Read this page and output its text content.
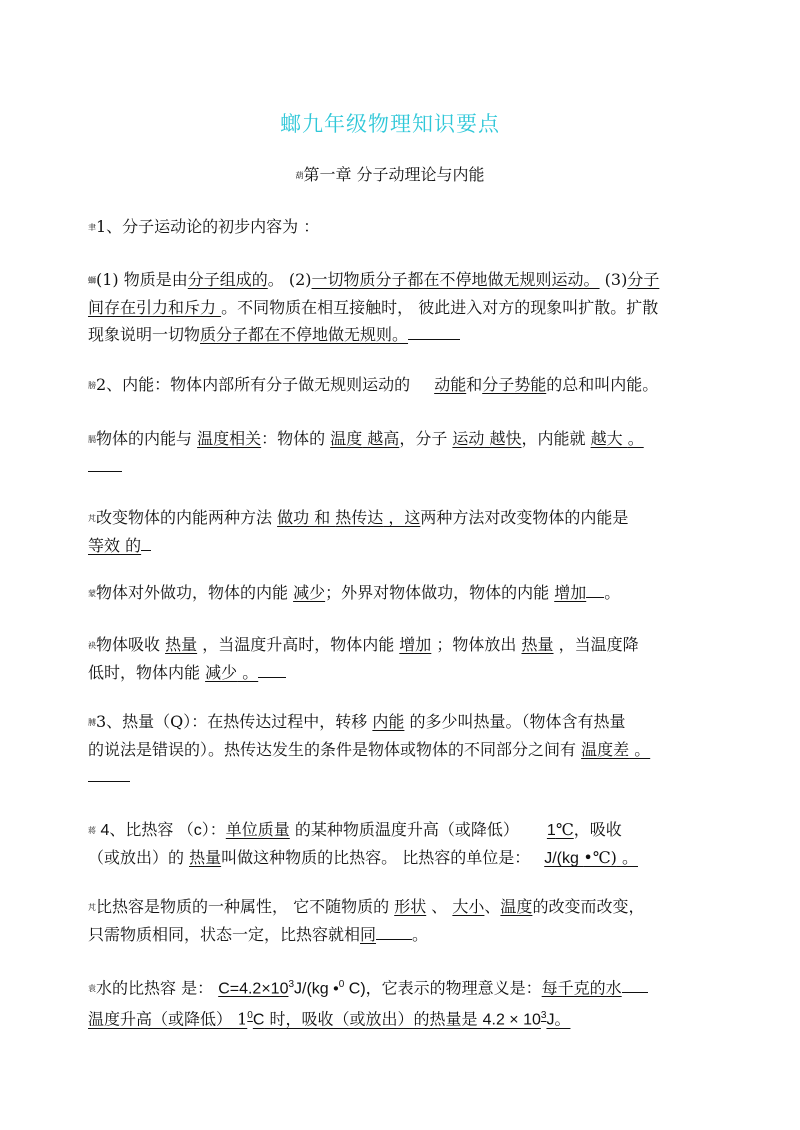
螂九年级物理知识要点
葫第一章 分子动理论与内能
聿1、分子运动论的初步内容为 ：
螄(1) 物质是由分子组成的。 (2)一切物质分子都在不停地做无规则运动。 (3)分子
间存在引力和斥力 。不同物质在相互接触时， 彼此进入对方的现象叫扩散。扩散
现象说明一切物质分子都在不停地做无规则。
膀2、内能：物体内部所有分子做无规则运动的 动能和分子势能的总和叫内能。
膈物体的内能与 温度相关：物体的 温度 越高，分子 运动 越快，内能就 越大 。
芃改变物体的内能两种方法 做功 和 热传达 ，这两种方法对改变物体的内能是
等效 的
蒙物体对外做功，物体的内能 减少；外界对物体做功，物体的内能 增加 。
袂物体吸收 热量 ，当温度升高时，物体内能 增加 ；物体放出 热量 ，当温度降
低时，物体内能 减少 。
膊3、热量（Q）：在热传达过程中，转移 内能 的多少叫热量。（物体含有热量
的说法是错误的）。热传达发生的条件是物体或物体的不同部分之间有 温度差 。
蒋 4、比热容 （c）：单位质量 的某种物质温度升高（或降低） 1℃，吸收
（或放出）的 热量叫做这种物质的比热容。 比热容的单位是： J/(kg •℃) 。
芃比热容是物质的一种属性， 它不随物质的 形状 、 大小、温度的改变而改变，
只需物质相同，状态一定，比热容就相同 。
袁水的比热容 是： $C=4.2\times 10^3J/(kg$ •$^0$ C)，它表示的物理意义是：每千克的水
温度升高（或降低） $1^0C$ 时，吸收（或放出）的热量是 $4.2 \times 10^3J$。
